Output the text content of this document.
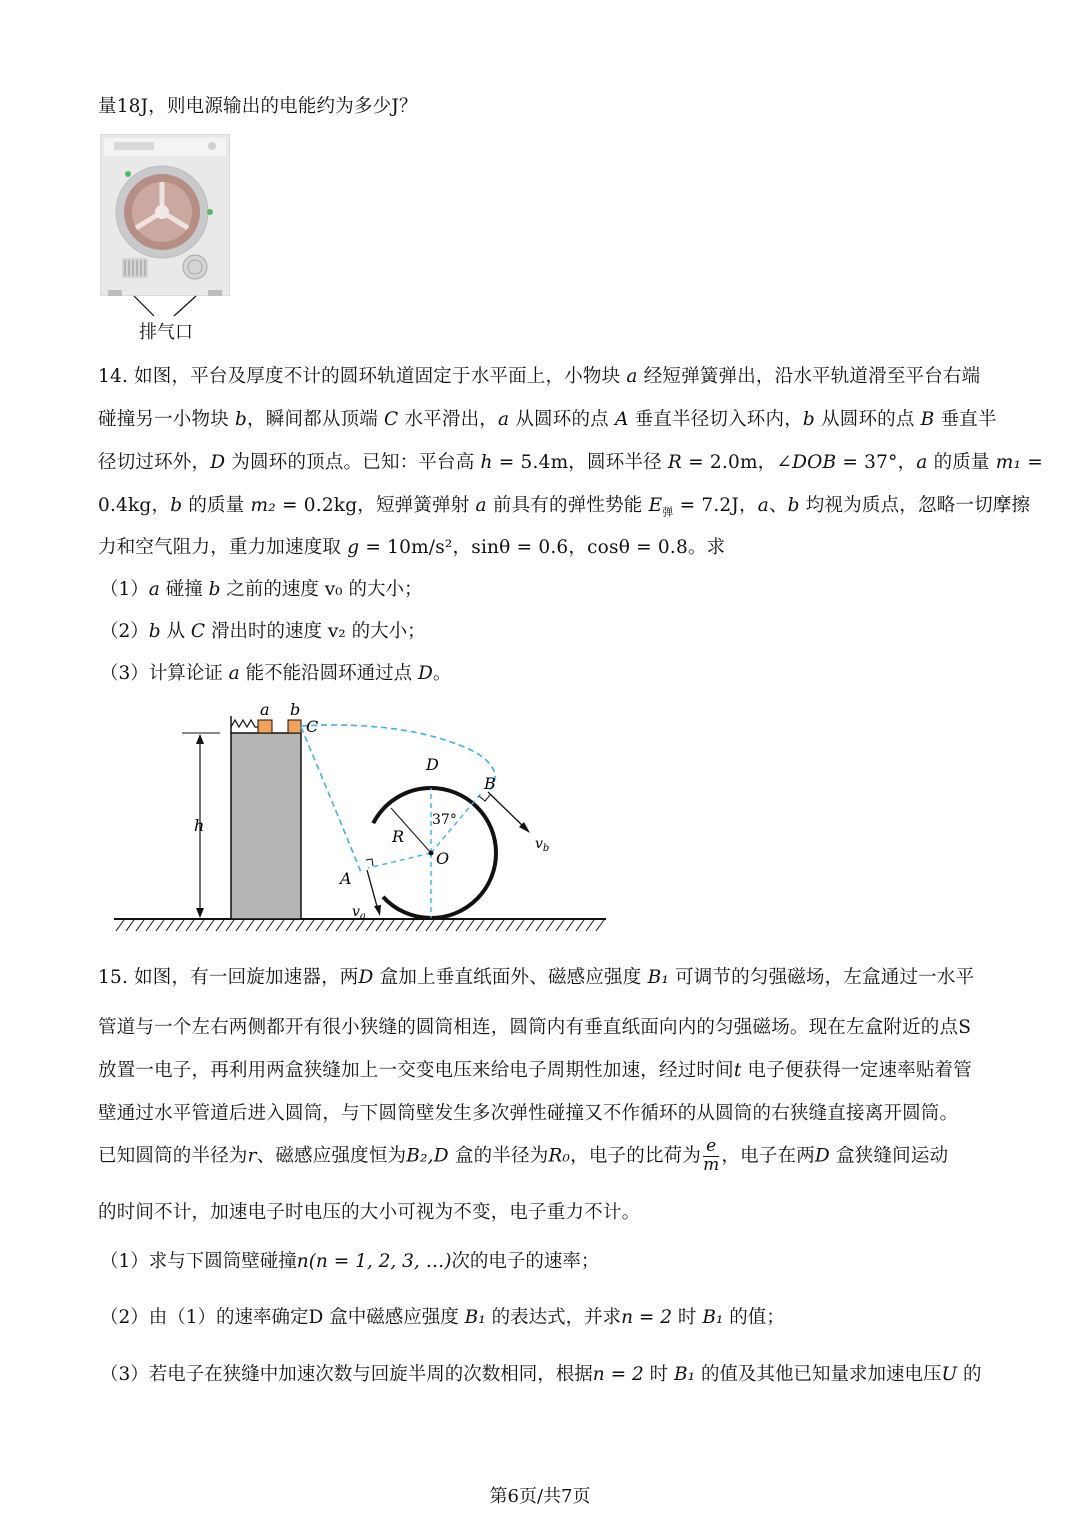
量18J，则电源输出的电能约为多少J？
排气口
14. 如图，平台及厚度不计的圆环轨道固定于水平面上，小物块 a 经短弹簧弹出，沿水平轨道滑至平台右端
碰撞另一小物块 b，瞬间都从顶端 C 水平滑出，a 从圆环的点 A 垂直半径切入环内，b 从圆环的点 B 垂直半
径切过环外，D 为圆环的顶点。已知：平台高 h = 5.4m，圆环半径 R = 2.0m，∠DOB = 37°，a 的质量 m₁ =
0.4kg，b 的质量 m₂ = 0.2kg，短弹簧弹射 a 前具有的弹性势能 $E_弹 = 7.2J$，a、b 均视为质点，忽略一切摩擦
力和空气阻力，重力加速度取 g = 10m/s²，sinθ = 0.6，cosθ = 0.8。求
（1）a 碰撞 b 之前的速度 v₀ 的大小；
（2）b 从 C 滑出时的速度 v₂ 的大小；
（3）计算论证 a 能不能沿圆环通过点 D。
a b
C
D
B
h	37°
R
O
A
$v_b$
$v_a$
15. 如图，有一回旋加速器，两D 盒加上垂直纸面外、磁感应强度 B₁ 可调节的匀强磁场，左盒通过一水平
管道与一个左右两侧都开有很小狭缝的圆筒相连，圆筒内有垂直纸面向内的匀强磁场。现在左盒附近的点S
放置一电子，再利用两盒狭缝加上一交变电压来给电子周期性加速，经过时间t 电子便获得一定速率贴着管
壁通过水平管道后进入圆筒，与下圆筒壁发生多次弹性碰撞又不作循环的从圆筒的右狭缝直接离开圆筒。
已知圆筒的半径为r、磁感应强度恒为B₂,D 盒的半径为R₀，电子的比荷为 $\frac{e}{m}$ ，电子在两D 盒狭缝间运动
的时间不计，加速电子时电压的大小可视为不变，电子重力不计。
（1）求与下圆筒壁碰撞n(n = 1, 2, 3, …)次的电子的速率；
（2）由（1）的速率确定D 盒中磁感应强度 B₁ 的表达式，并求n = 2 时 B₁ 的值；
（3）若电子在狭缝中加速次数与回旋半周的次数相同，根据n = 2 时 B₁ 的值及其他已知量求加速电压U 的
第6页/共7页
